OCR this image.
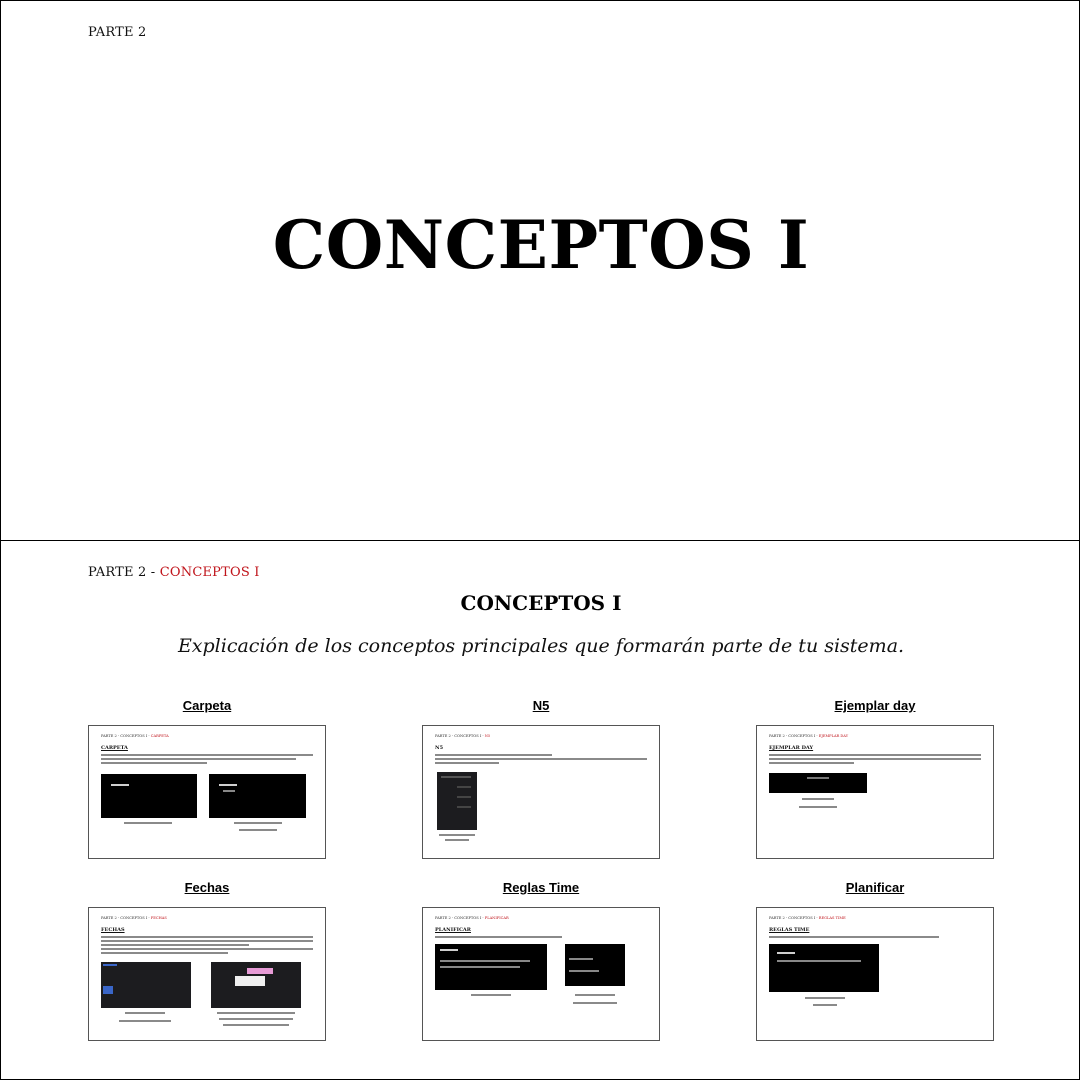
PARTE 2
CONCEPTOS I
PARTE 2 - CONCEPTOS I
CONCEPTOS I
Explicación de los conceptos principales que formarán parte de tu sistema.
Carpeta
PARTE 2 - CONCEPTOS I - CARPETA
CARPETA
N5
PARTE 2 - CONCEPTOS I - N5
N5
Ejemplar day
PARTE 2 - CONCEPTOS I - EJEMPLAR DAY
EJEMPLAR DAY
Fechas
PARTE 2 - CONCEPTOS I - FECHAS
FECHAS
Reglas Time
PARTE 2 - CONCEPTOS I - PLANIFICAR
PLANIFICAR
Planificar
PARTE 2 - CONCEPTOS I - REGLAS TIME
REGLAS TIME
